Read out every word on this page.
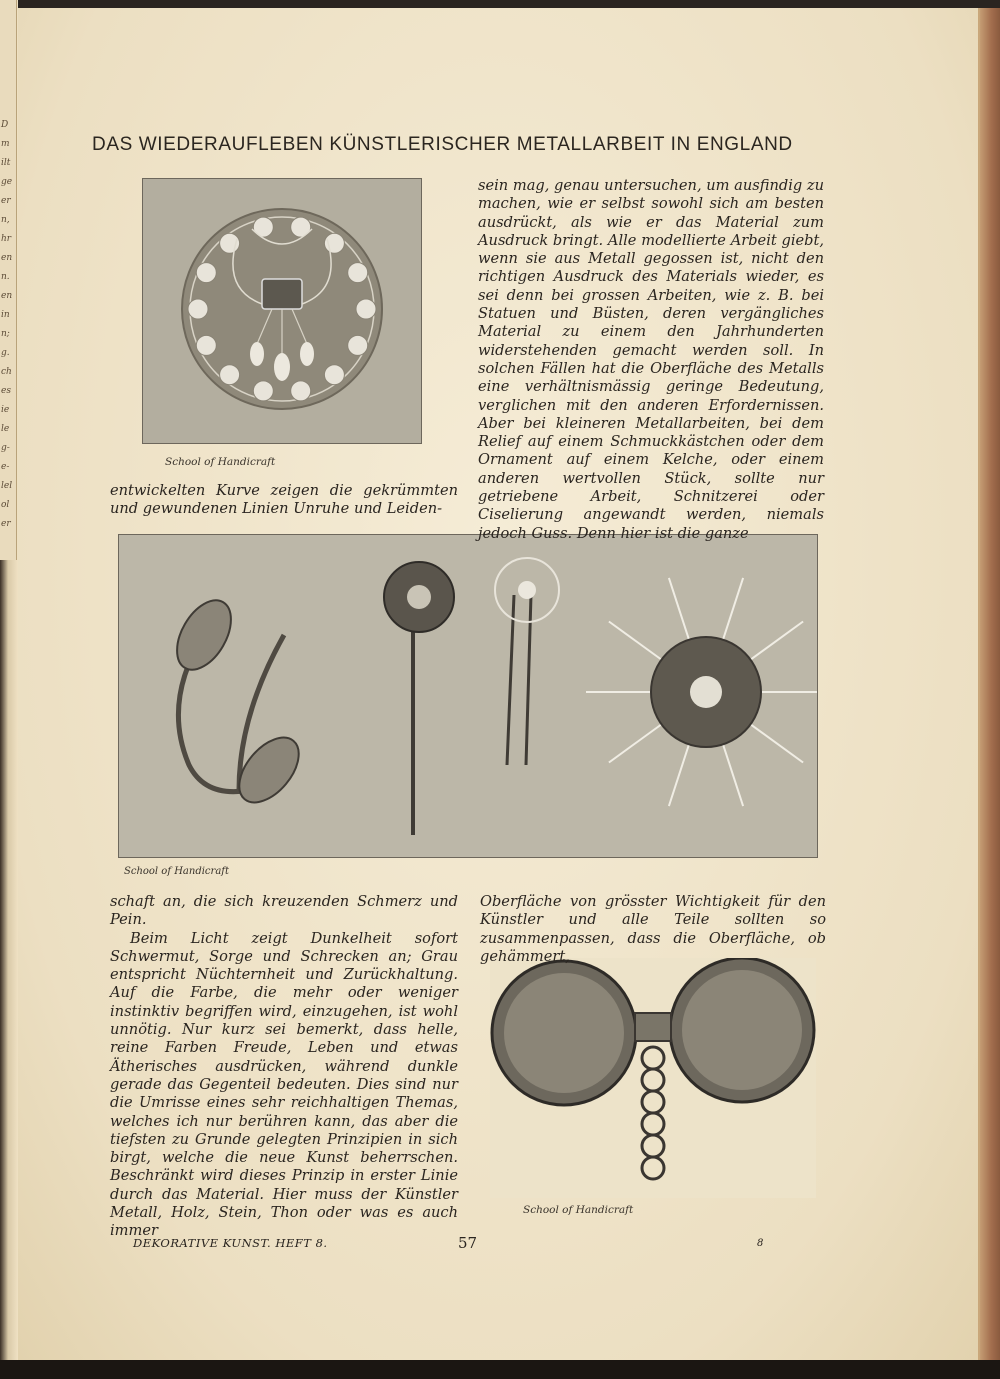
D
m
ilt
ge
er
n,
hr
en
n.
en
in
n;
g.
ch
es
ie
le
g-
e-
lel
ol
er
DAS WIEDERAUFLEBEN KÜNSTLERISCHER METALLARBEIT IN ENGLAND
School of Handicraft
School of Handicraft
School of Handicraft

sein mag, genau untersuchen, um ausfindig zu machen, wie er selbst sowohl sich am besten ausdrückt, als wie er das Material zum Ausdruck bringt. Alle modellierte Arbeit giebt, wenn sie aus Metall gegossen ist, nicht den richtigen Ausdruck des Materials wieder, es sei denn bei grossen Arbeiten, wie z. B. bei Statuen und Büsten, deren vergängliches Material zu einem den Jahrhunderten widerstehenden gemacht werden soll. In solchen Fällen hat die Oberfläche des Metalls eine verhältnismässig geringe Bedeutung, verglichen mit den anderen Erfordernissen. Aber bei kleineren Metallarbeiten, bei dem Relief auf einem Schmuckkästchen oder dem Ornament auf einem Kelche, oder einem anderen wertvollen Stück, sollte nur getriebene Arbeit, Schnitzerei oder Ciselierung angewandt werden, niemals jedoch Guss. Denn hier ist die ganze

entwickelten Kurve zeigen die gekrümmten und gewundenen Linien Unruhe und Leiden-

schaft an, die sich kreuzenden Schmerz und Pein.

Beim Licht zeigt Dunkelheit sofort Schwermut, Sorge und Schrecken an; Grau entspricht Nüchternheit und Zurückhaltung. Auf die Farbe, die mehr oder weniger instinktiv begriffen wird, einzugehen, ist wohl unnötig. Nur kurz sei bemerkt, dass helle, reine Farben Freude, Leben und etwas Ätherisches ausdrücken, während dunkle gerade das Gegenteil bedeuten. Dies sind nur die Umrisse eines sehr reichhaltigen Themas, welches ich nur berühren kann, das aber die tiefsten zu Grunde gelegten Prinzipien in sich birgt, welche die neue Kunst beherrschen. Beschränkt wird dieses Prinzip in erster Linie durch das Material. Hier muss der Künstler Metall, Holz, Stein, Thon oder was es auch immer

Oberfläche von grösster Wichtigkeit für den Künstler und alle Teile sollten so zusammenpassen, dass die Oberfläche, ob gehämmert,

DEKORATIVE KUNST. HEFT 8.	57	8
